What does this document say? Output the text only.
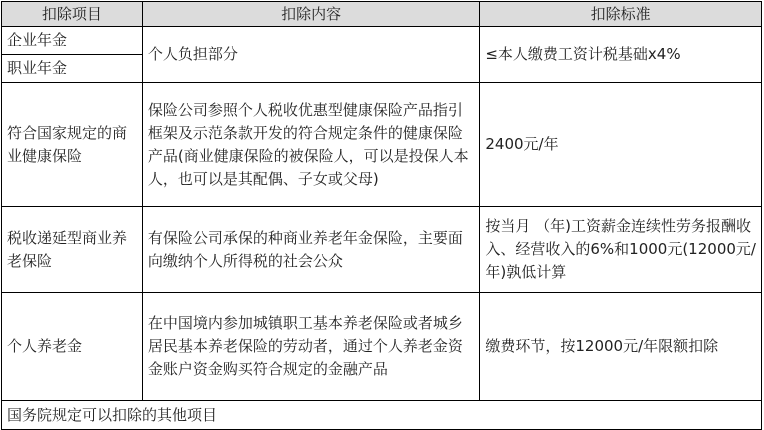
扣除项目	扣除内容	扣除标准
企业年金	个人负担部分	≤本人缴费工资计税基础x4%
职业年金		
符合国家规定的商业健康保险	保险公司参照个人税收优惠型健康保险产品指引框架及示范条款开发的符合规定条件的健康保险产品(商业健康保险的被保险人，可以是投保人本人，也可以是其配偶、子女或父母)	2400元/年
税收递延型商业养老保险	有保险公司承保的种商业养老年金保险，主要面向缴纳个人所得税的社会公众	按当月 （年)工资薪金连续性劳务报酬收入、经营收入的6%和1000元(12000元/年)孰低计算
个人养老金	在中国境内参加城镇职工基本养老保险或者城乡居民基本养老保险的劳动者，通过个人养老金资金账户资金购买符合规定的金融产品	缴费环节，按12000元/年限额扣除
国务院规定可以扣除的其他项目		
